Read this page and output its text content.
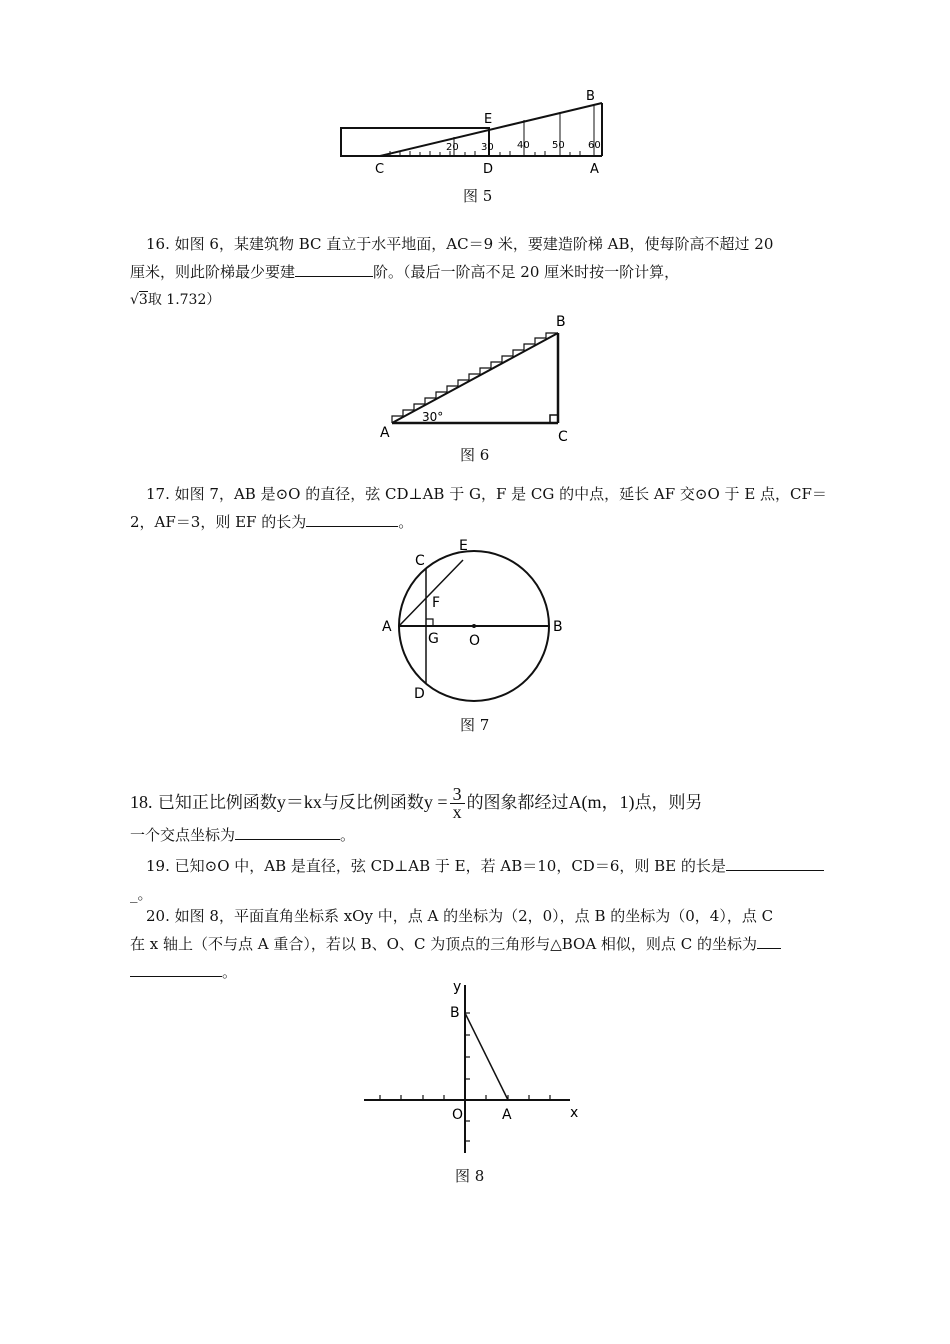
20 30 40 50 60
B
E
C	D	A
图 5
16. 如图 6，某建筑物 BC 直立于水平地面，AC＝9 米，要建造阶梯 AB，使每阶高不超过 20
厘米，则此阶梯最少要建	阶。（最后一阶高不足 20 厘米时按一阶计算，
√3取 1.732）
30°
B
A	C
图 6
17. 如图 7，AB 是⊙O 的直径，弦 CD⊥AB 于 G，F 是 CG 的中点，延长 AF 交⊙O 于 E 点，CF＝
2，AF＝3，则 EF 的长为	。
C
E
F
A
G O
B
D
图 7
18. 已知正比例函数y＝kx与反比例函数$y = \frac{3}{x}$ 的图象都经过A(m，1)点，则另
一个交点坐标为	。
19. 已知⊙O 中，AB 是直径，弦 CD⊥AB 于 E，若 AB＝10，CD＝6，则 BE 的长是
_。
20. 如图 8，平面直角坐标系 xOy 中，点 A 的坐标为（2，0），点 B 的坐标为（0，4），点 C
在 x 轴上（不与点 A 重合），若以 B、O、C 为顶点的三角形与△BOA 相似，则点 C 的坐标为
。
y
B
O	A	x
图 8
